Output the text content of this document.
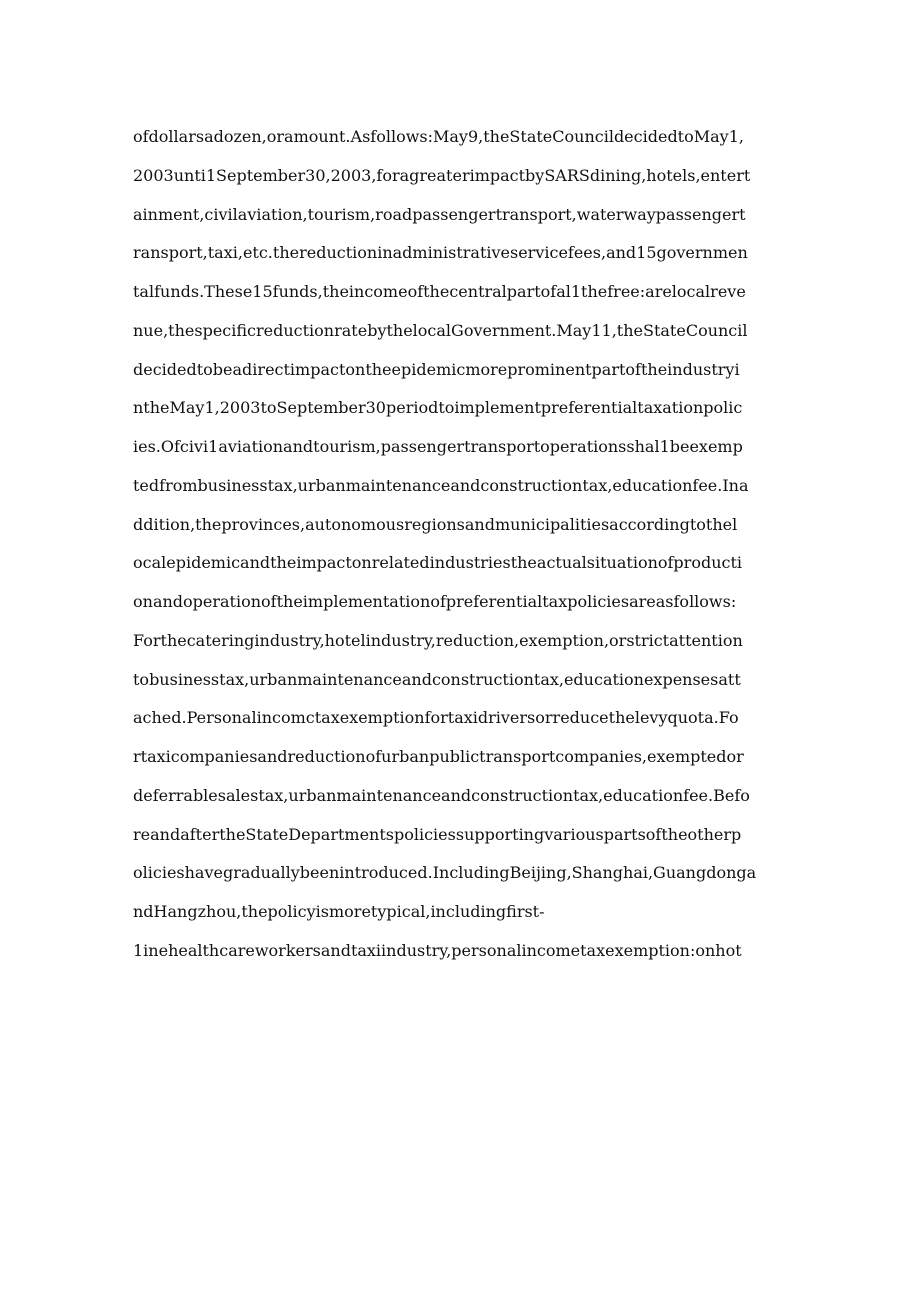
ofdollarsadozen,oramount.Asfollows:May9,theStateCouncildecidedtoMay1,
2003unti1September30,2003,foragreaterimpactbySARSdining,hotels,entert
ainment,civilaviation,tourism,roadpassengertransport,waterwaypassengert
ransport,taxi,etc.thereductioninadministrativeservicefees,and15governmen
talfunds.These15funds,theincomeofthecentralpartofal1thefree:arelocalreve
nue,thespecificreductionratebythelocalGovernment.May11,theStateCouncil
decidedtobeadirectimpactontheepidemicmoreprominentpartoftheindustryi
ntheMay1,2003toSeptember30periodtoimplementpreferentialtaxationpolic
ies.Ofcivi1aviationandtourism,passengertransportoperationsshal1beexemp
tedfrombusinesstax,urbanmaintenanceandconstructiontax,educationfee.Ina
ddition,theprovinces,autonomousregionsandmunicipalitiesaccordingtothel
ocalepidemicandtheimpactonrelatedindustriestheactualsituationofproducti
onandoperationoftheimplementationofpreferentialtaxpoliciesareasfollows:
Forthecateringindustry,hotelindustry,reduction,exemption,orstrictattention
tobusinesstax,urbanmaintenanceandconstructiontax,educationexpensesatt
ached.Personalincomctaxexemptionfortaxidriversorreducethelevyquota.Fo
rtaxicompaniesandreductionofurbanpublictransportcompanies,exemptedor
deferrablesalestax,urbanmaintenanceandconstructiontax,educationfee.Befo
reandaftertheStateDepartmentspoliciessupportingvariouspartsoftheotherp
olicieshavegraduallybeenintroduced.IncludingBeijing,Shanghai,Guangdonga
ndHangzhou,thepolicyismoretypical,includingfirst-
1inehealthcareworkersandtaxiindustry,personalincometaxexemption:onhot
